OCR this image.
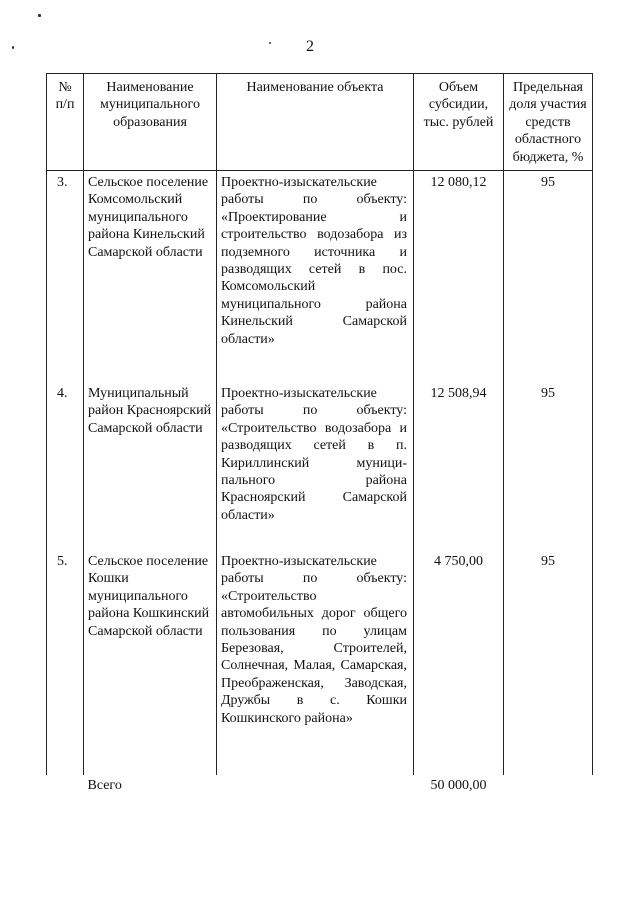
2
№ п/п	Наименование муниципального образования	Наименование объекта	Объем субсидии, тыс. рублей	Предельная доля участия средств областного бюджета, %
3.	Сельское поселение Комсомольский муниципального района Кинельский Самарской области	Проектно-изыскательские работы по объекту: «Проектирование и строительство водозабора из подземного источника и разводящих сетей в пос. Комсомольский муниципального района Кинельский Самарской области»	12 080,12	95
4.	Муниципальный район Красноярский Самарской области	Проектно-изыскательские работы по объекту: «Строительство водозабора и разводящих сетей в п. Кириллинский муници-пального района Красноярский Самарской области»	12 508,94	95
5.	Сельское поселение Кошки муниципального района Кошкинский Самарской области	Проектно-изыскательские работы по объекту: «Строительство автомобильных дорог общего пользования по улицам Березовая, Строителей, Солнечная, Малая, Самарская, Преображенская, Заводская, Дружбы в с. Кошки Кошкинского района»	4 750,00	95
	Всего		50 000,00	
